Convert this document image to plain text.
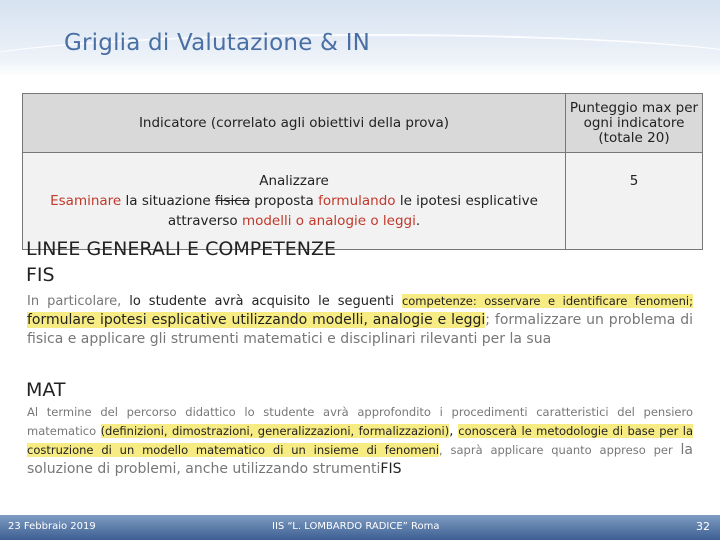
Griglia di Valutazione & IN
Indicatore (correlato agli obiettivi della prova)	Punteggio max per
ogni indicatore
(totale 20)

Analizzare
Esaminare la situazione fisica proposta formulando le ipotesi esplicative
attraverso modelli o analogie o leggi.	5
LINEE GENERALI E COMPETENZE
FIS
In particolare, lo studente avrà acquisito le seguenti competenze: osservare e identificare fenomeni; formulare ipotesi esplicative utilizzando modelli, analogie e leggi; formalizzare un problema di fisica e applicare gli strumenti matematici e disciplinari rilevanti per la sua
MAT
Al termine del percorso didattico lo studente avrà approfondito i procedimenti caratteristici del pensiero matematico (definizioni, dimostrazioni, generalizzazioni, formalizzazioni), conoscerà le metodologie di base per la costruzione di un modello matematico di un insieme di fenomeni, saprà applicare quanto appreso per la soluzione di problemi, anche utilizzando strumentiFIS
23 Febbraio 2019	IIS “L. LOMBARDO RADICE” Roma	32
